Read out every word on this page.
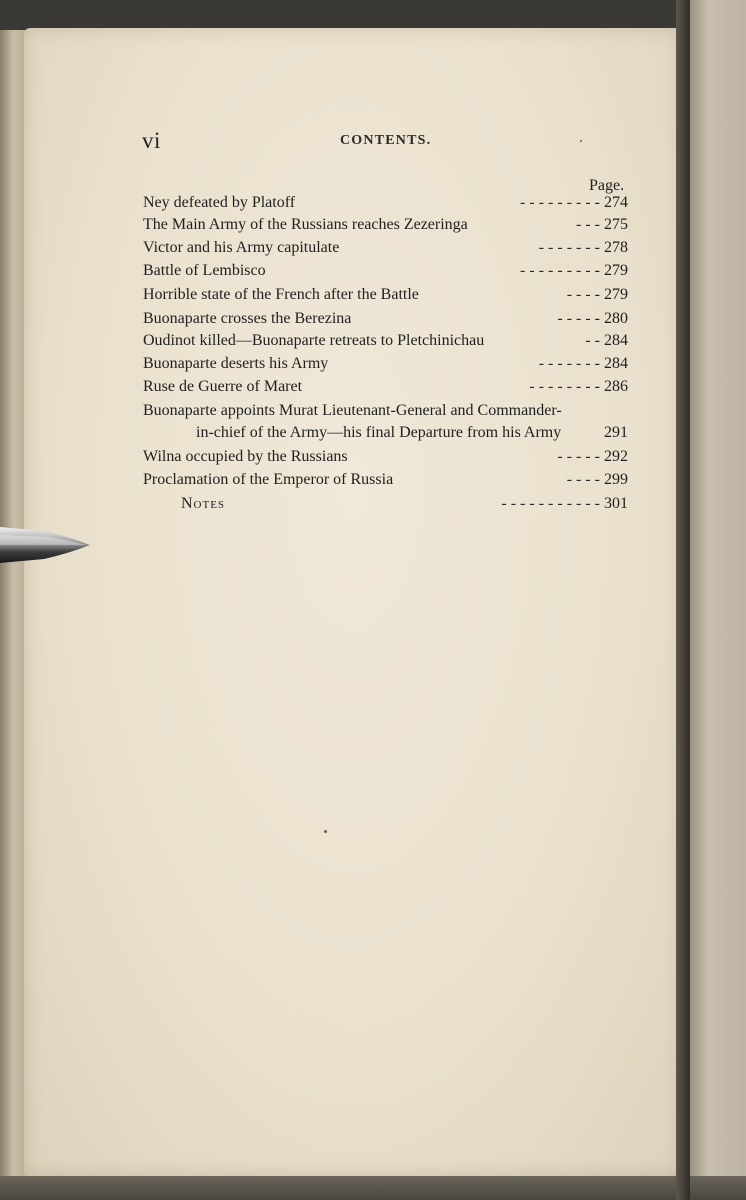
vi	CONTENTS.
Page.
Ney defeated by Platoff	- - - - - - - - - 274
The Main Army of the Russians reaches Zezeringa	- - - 275
Victor and his Army capitulate	- - - - - - - 278
Battle of Lembisco	- - - - - - - - - 279
Horrible state of the French after the Battle	- - - - 279
Buonaparte crosses the Berezina	- - - - - 280
Oudinot killed—Buonaparte retreats to Pletchinichau	- - 284
Buonaparte deserts his Army	- - - - - - - 284
Ruse de Guerre of Maret	- - - - - - - - 286
Buonaparte appoints Murat Lieutenant-General and Commander-
in-chief of the Army—his final Departure from his Army	291
Wilna occupied by the Russians	- - - - - 292
Proclamation of the Emperor of Russia	- - - - 299
Notes	- - - - - - - - - - - 301
